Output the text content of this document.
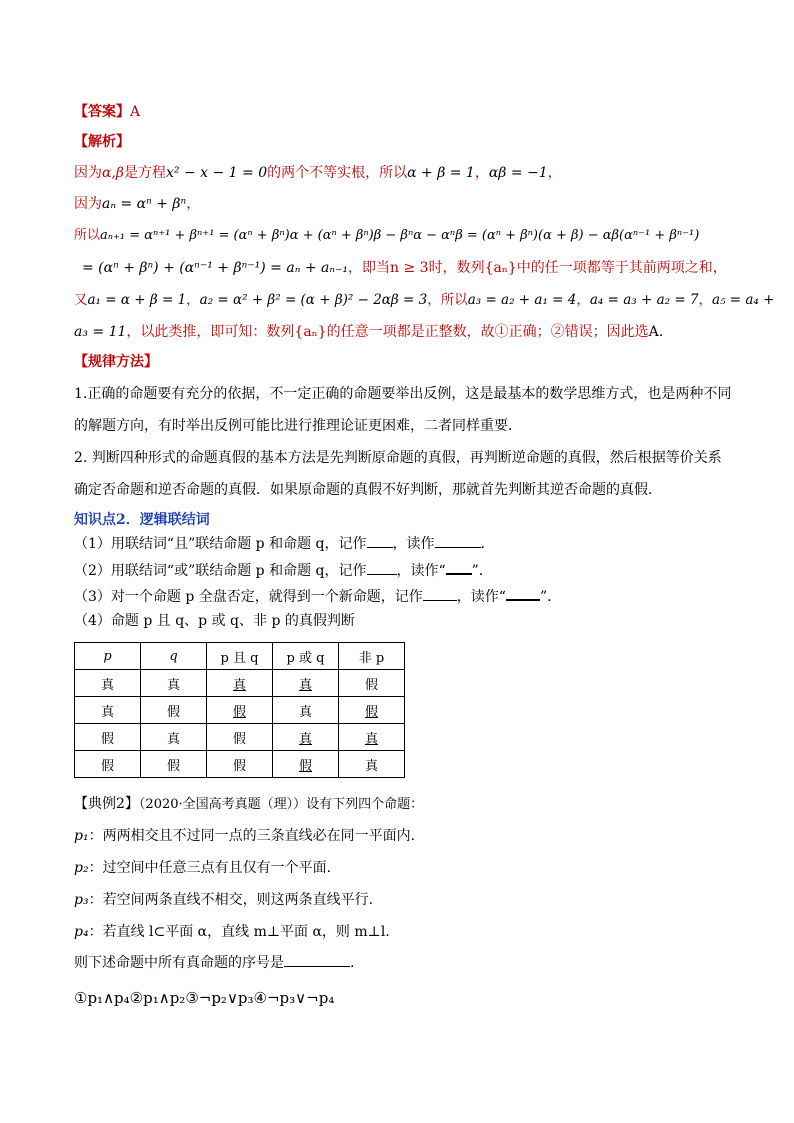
【答案】A
【解析】
因为α,β是方程x² − x − 1 = 0的两个不等实根，所以α + β = 1，αβ = −1，
因为aₙ = αⁿ + βⁿ，
所以aₙ₊₁ = αⁿ⁺¹ + βⁿ⁺¹ = (αⁿ + βⁿ)α + (αⁿ + βⁿ)β − βⁿα − αⁿβ = (αⁿ + βⁿ)(α + β) − αβ(αⁿ⁻¹ + βⁿ⁻¹)
= (αⁿ + βⁿ) + (αⁿ⁻¹ + βⁿ⁻¹) = aₙ + aₙ₋₁，即当n ≥ 3时，数列{aₙ}中的任一项都等于其前两项之和，
又a₁ = α + β = 1，a₂ = α² + β² = (α + β)² − 2αβ = 3，所以a₃ = a₂ + a₁ = 4，a₄ = a₃ + a₂ = 7，a₅ = a₄ +
a₃ = 11，以此类推，即可知：数列{aₙ}的任意一项都是正整数，故①正确；②错误；因此选A.
【规律方法】
1.正确的命题要有充分的依据，不一定正确的命题要举出反例，这是最基本的数学思维方式，也是两种不同
的解题方向，有时举出反例可能比进行推理论证更困难，二者同样重要．
2. 判断四种形式的命题真假的基本方法是先判断原命题的真假，再判断逆命题的真假，然后根据等价关系
确定否命题和逆否命题的真假．如果原命题的真假不好判断，那就首先判断其逆否命题的真假．
知识点2．逻辑联结词
（1）用联结词“且”联结命题 p 和命题 q，记作 ，读作	．
（2）用联结词“或”联结命题 p 和命题 q，记作 ，读作“ ”．
（3）对一个命题 p 全盘否定，就得到一个新命题，记作 ，读作“ ”．
（4）命题 p 且 q、p 或 q、非 p 的真假判断
p	q	p 且 q	p 或 q	非 p
真	真	真	真	假
真	假	假	真	假
假	真	假	真	真
假	假	假	假	真
【典例2】（2020·全国高考真题（理））设有下列四个命题：
p₁：两两相交且不过同一点的三条直线必在同一平面内.
p₂：过空间中任意三点有且仅有一个平面.
p₃：若空间两条直线不相交，则这两条直线平行.
p₄：若直线 l⊂平面 α，直线 m⊥平面 α，则 m⊥l.
则下述命题中所有真命题的序号是	.
①p₁∧p₄②p₁∧p₂③¬p₂∨p₃④¬p₃∨¬p₄
